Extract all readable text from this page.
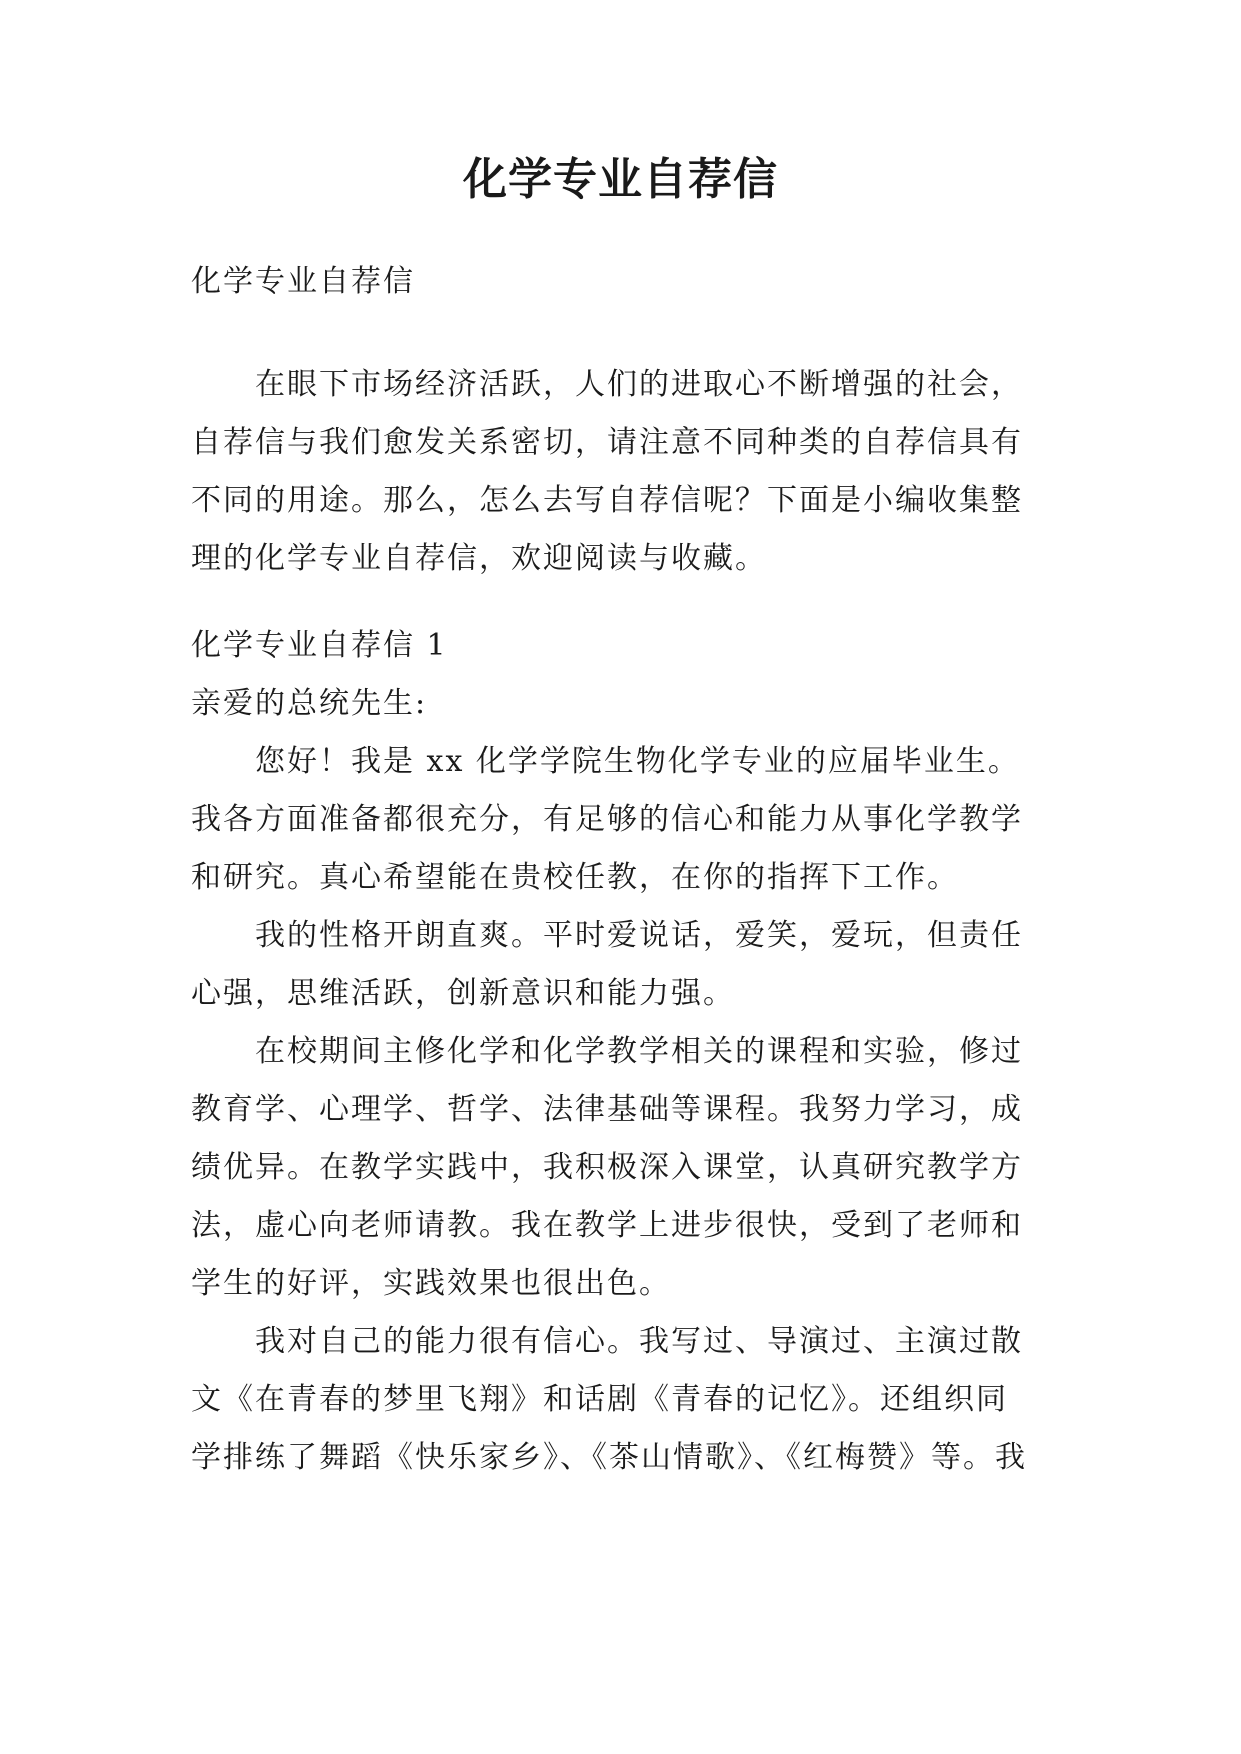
化学专业自荐信
化学专业自荐信
　　在眼下市场经济活跃，人们的进取心不断增强的社会，
自荐信与我们愈发关系密切，请注意不同种类的自荐信具有
不同的用途。那么，怎么去写自荐信呢？下面是小编收集整
理的化学专业自荐信，欢迎阅读与收藏。
化学专业自荐信 1
亲爱的总统先生:
　　您好！我是 xx 化学学院生物化学专业的应届毕业生。
我各方面准备都很充分，有足够的信心和能力从事化学教学
和研究。真心希望能在贵校任教，在你的指挥下工作。
　　我的性格开朗直爽。平时爱说话，爱笑，爱玩，但责任
心强，思维活跃，创新意识和能力强。
　　在校期间主修化学和化学教学相关的课程和实验，修过
教育学、心理学、哲学、法律基础等课程。我努力学习，成
绩优异。在教学实践中，我积极深入课堂，认真研究教学方
法，虚心向老师请教。我在教学上进步很快，受到了老师和
学生的好评，实践效果也很出色。
　　我对自己的能力很有信心。我写过、导演过、主演过散
文《在青春的梦里飞翔》和话剧《青春的记忆》。还组织同
学排练了舞蹈《快乐家乡》、《茶山情歌》、《红梅赞》等。我
